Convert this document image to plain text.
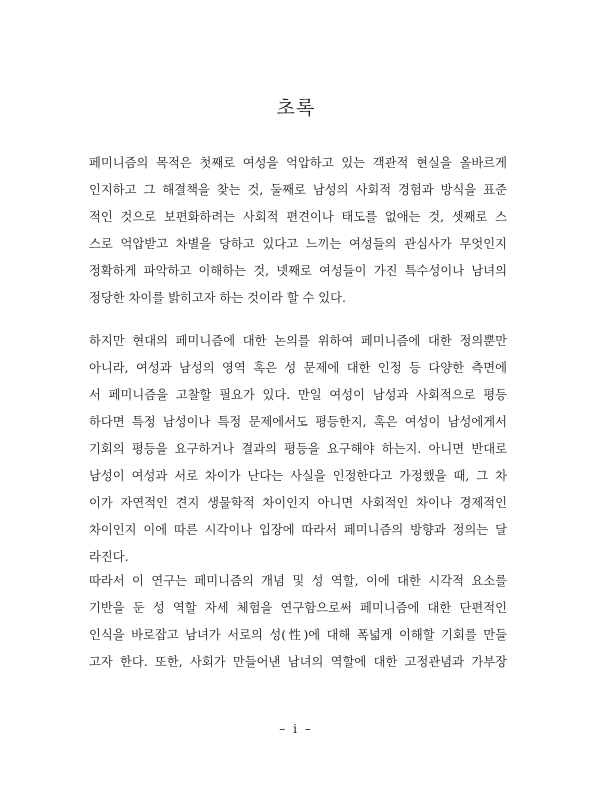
초록

페미니즘의 목적은 첫째로 여성을 억압하고 있는 객관적 현실을 올바르게
인지하고 그 해결책을 찾는 것, 둘째로 남성의 사회적 경험과 방식을 표준
적인 것으로 보편화하려는 사회적 편견이나 태도를 없애는 것, 셋째로 스
스로 억압받고 차별을 당하고 있다고 느끼는 여성들의 관심사가 무엇인지
정확하게 파악하고 이해하는 것, 넷째로 여성들이 가진 특수성이나 남녀의
정당한 차이를 밝히고자 하는 것이라 할 수 있다.

하지만 현대의 페미니즘에 대한 논의를 위하여 페미니즘에 대한 정의뿐만
아니라, 여성과 남성의 영역 혹은 성 문제에 대한 인정 등 다양한 측면에
서 페미니즘을 고찰할 필요가 있다. 만일 여성이 남성과 사회적으로 평등
하다면 특정 남성이나 특정 문제에서도 평등한지, 혹은 여성이 남성에게서
기회의 평등을 요구하거나 결과의 평등을 요구해야 하는지. 아니면 반대로
남성이 여성과 서로 차이가 난다는 사실을 인정한다고 가정했을 때, 그 차
이가 자연적인 견지 생물학적 차이인지 아니면 사회적인 차이나 경제적인
차이인지 이에 따른 시각이나 입장에 따라서 페미니즘의 방향과 정의는 달
라진다.

따라서 이 연구는 페미니즘의 개념 및 성 역할, 이에 대한 시각적 요소를
기반을 둔 성 역할 자세 체험을 연구함으로써 페미니즘에 대한 단편적인
인식을 바로잡고 남녀가 서로의 성(性)에 대해 폭넓게 이해할 기회를 만들
고자 한다. 또한, 사회가 만들어낸 남녀의 역할에 대한 고정관념과 가부장

– i –
